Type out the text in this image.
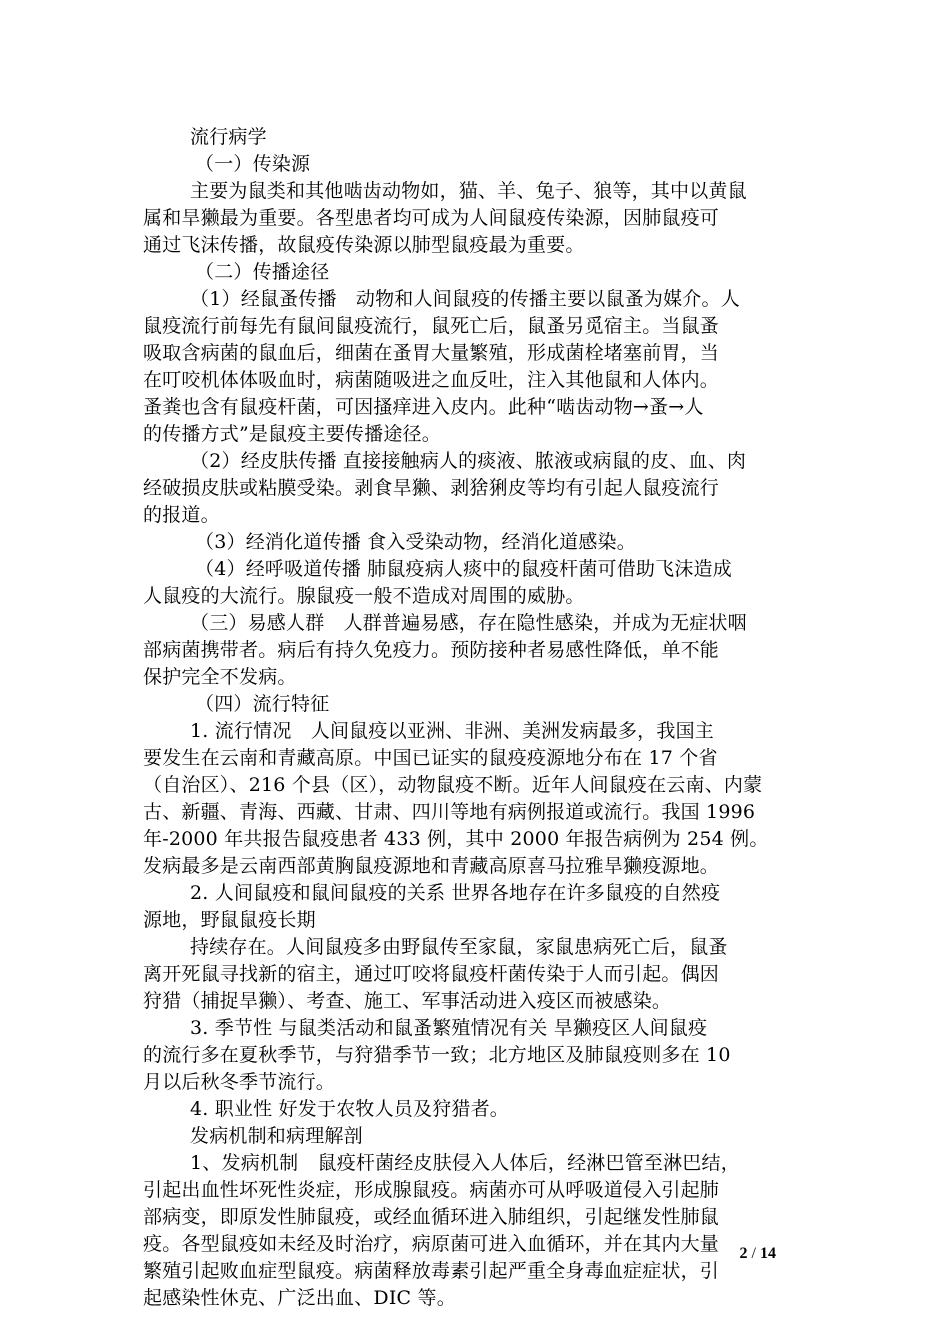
流行病学
（一）传染源
主要为鼠类和其他啮齿动物如，猫、羊、兔子、狼等，其中以黄鼠
属和旱獭最为重要。各型患者均可成为人间鼠疫传染源，因肺鼠疫可
通过飞沫传播，故鼠疫传染源以肺型鼠疫最为重要。
（二）传播途径
（1）经鼠蚤传播　动物和人间鼠疫的传播主要以鼠蚤为媒介。人
鼠疫流行前每先有鼠间鼠疫流行，鼠死亡后，鼠蚤另觅宿主。当鼠蚤
吸取含病菌的鼠血后，细菌在蚤胃大量繁殖，形成菌栓堵塞前胃，当
在叮咬机体体吸血时，病菌随吸进之血反吐，注入其他鼠和人体内。
蚤粪也含有鼠疫杆菌，可因搔痒进入皮内。此种“啮齿动物→蚤→人
的传播方式”是鼠疫主要传播途径。
（2）经皮肤传播 直接接触病人的痰液、脓液或病鼠的皮、血、肉
经破损皮肤或粘膜受染。剥食旱獭、剥猞猁皮等均有引起人鼠疫流行
的报道。
（3）经消化道传播 食入受染动物，经消化道感染。
（4）经呼吸道传播 肺鼠疫病人痰中的鼠疫杆菌可借助飞沫造成
人鼠疫的大流行。腺鼠疫一般不造成对周围的威胁。
（三）易感人群　人群普遍易感，存在隐性感染，并成为无症状咽
部病菌携带者。病后有持久免疫力。预防接种者易感性降低，单不能
保护完全不发病。
（四）流行特征
1. 流行情况　人间鼠疫以亚洲、非洲、美洲发病最多，我国主
要发生在云南和青藏高原。中国已证实的鼠疫疫源地分布在 17 个省
（自治区）、216 个县（区），动物鼠疫不断。近年人间鼠疫在云南、内蒙
古、新疆、青海、西藏、甘肃、四川等地有病例报道或流行。我国 1996
年-2000 年共报告鼠疫患者 433 例，其中 2000 年报告病例为 254 例。
发病最多是云南西部黄胸鼠疫源地和青藏高原喜马拉雅旱獭疫源地。
2. 人间鼠疫和鼠间鼠疫的关系 世界各地存在许多鼠疫的自然疫
源地，野鼠鼠疫长期
持续存在。人间鼠疫多由野鼠传至家鼠，家鼠患病死亡后，鼠蚤
离开死鼠寻找新的宿主，通过叮咬将鼠疫杆菌传染于人而引起。偶因
狩猎（捕捉旱獭）、考查、施工、军事活动进入疫区而被感染。
3. 季节性 与鼠类活动和鼠蚤繁殖情况有关 旱獭疫区人间鼠疫
的流行多在夏秋季节，与狩猎季节一致；北方地区及肺鼠疫则多在 10
月以后秋冬季节流行。
4. 职业性 好发于农牧人员及狩猎者。
发病机制和病理解剖
1、发病机制　鼠疫杆菌经皮肤侵入人体后，经淋巴管至淋巴结，
引起出血性坏死性炎症，形成腺鼠疫。病菌亦可从呼吸道侵入引起肺
部病变，即原发性肺鼠疫，或经血循环进入肺组织，引起继发性肺鼠
疫。各型鼠疫如未经及时治疗，病原菌可进入血循环，并在其内大量
繁殖引起败血症型鼠疫。病菌释放毒素引起严重全身毒血症症状，引
起感染性休克、广泛出血、DIC 等。
2 / 14
